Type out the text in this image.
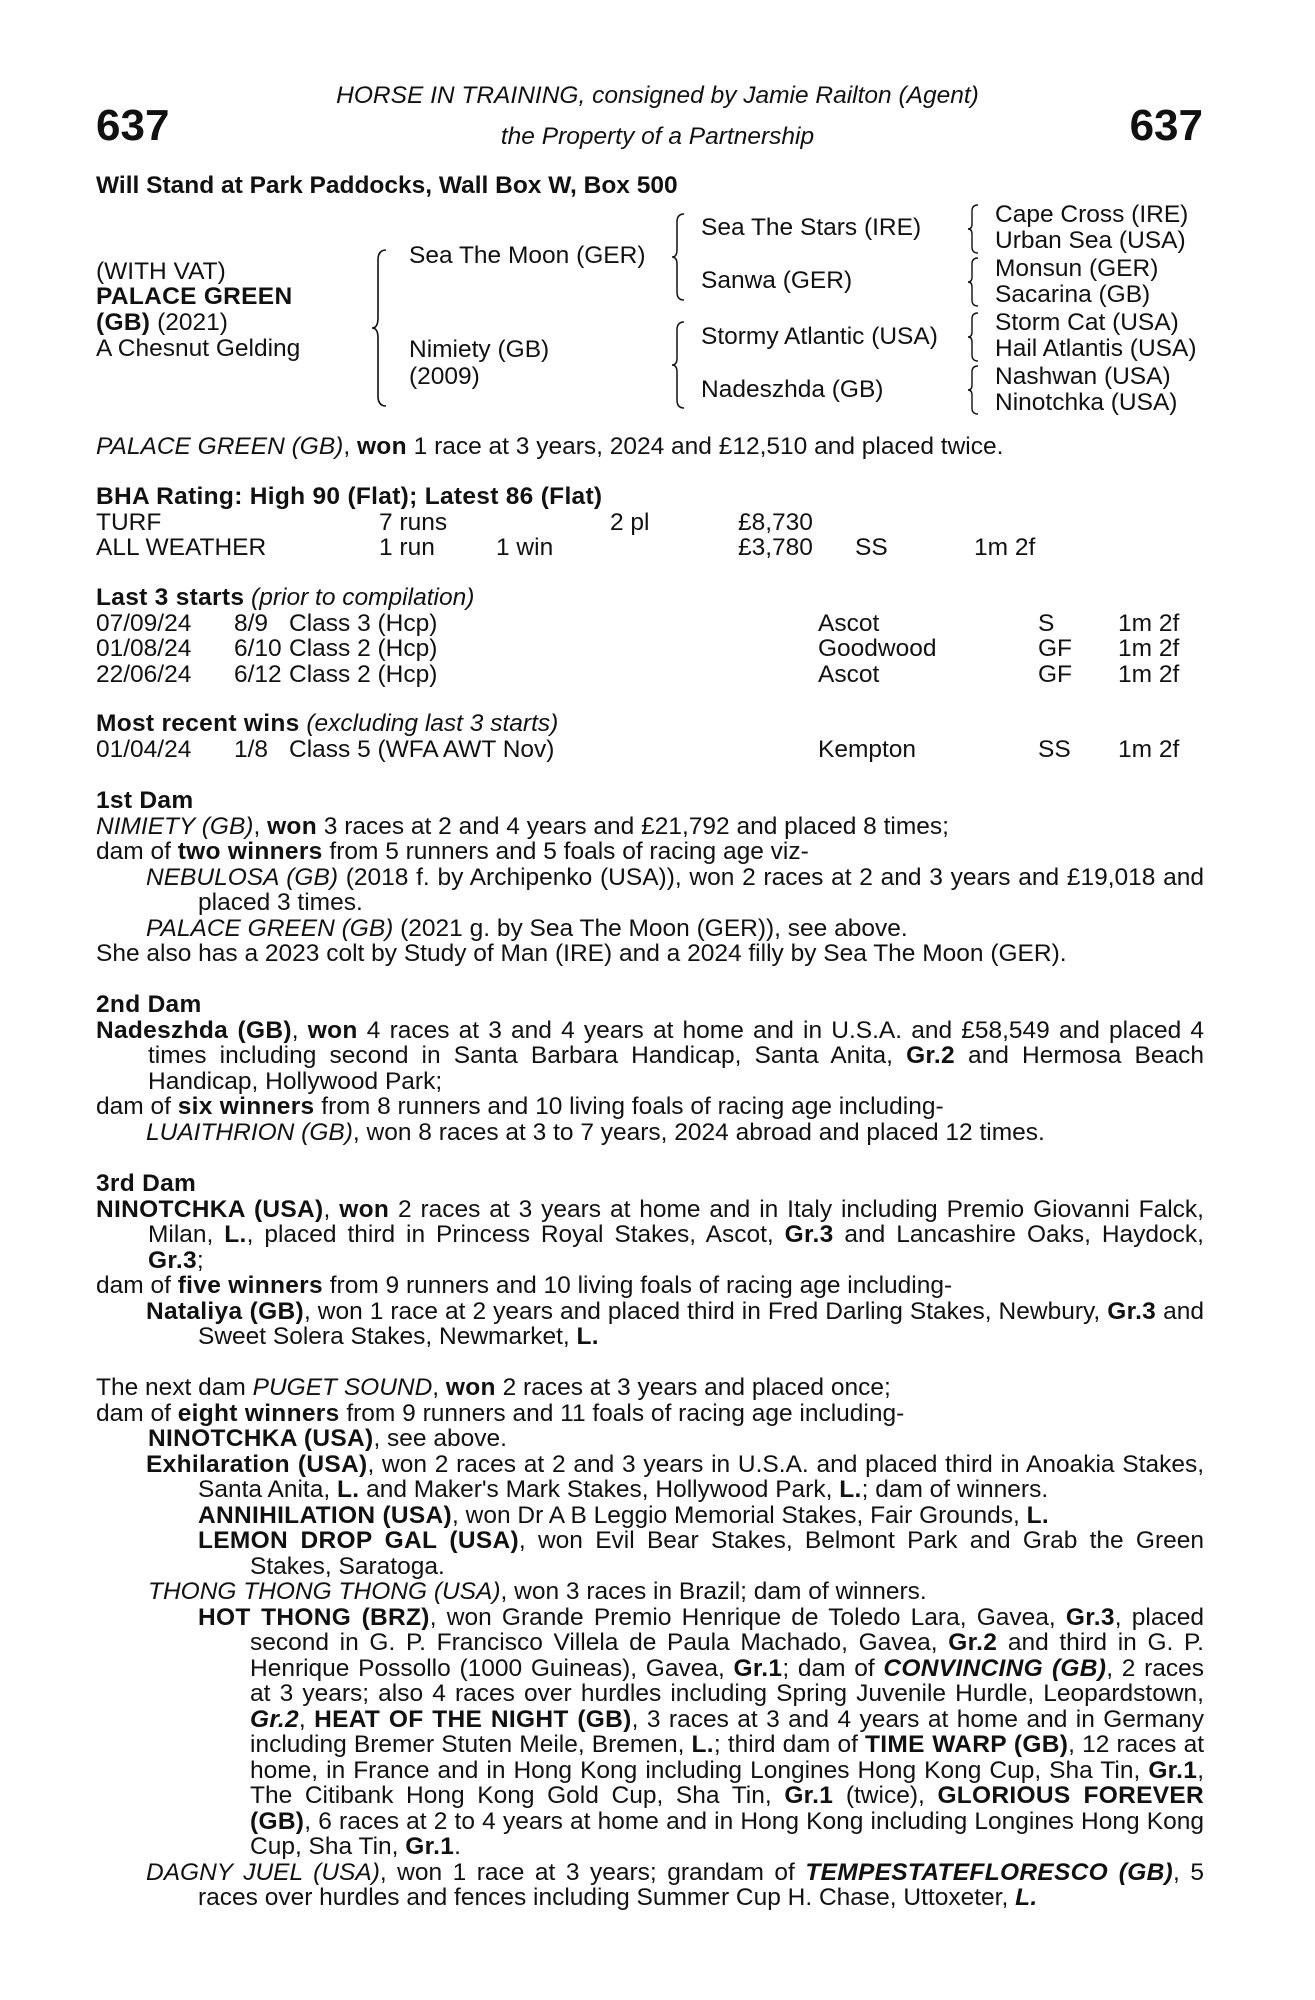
637	637
HORSE IN TRAINING, consigned by Jamie Railton (Agent)
the Property of a Partnership
Will Stand at Park Paddocks, Wall Box W, Box 500
(WITH VAT)
PALACE GREEN
(GB) (2021)
A Chesnut Gelding
Sea The Moon (GER)
Nimiety (GB)
(2009)
Sea The Stars (IRE)
Sanwa (GER)
Stormy Atlantic (USA)
Nadeszhda (GB)
Cape Cross (IRE)
Urban Sea (USA)
Monsun (GER)
Sacarina (GB)
Storm Cat (USA)
Hail Atlantis (USA)
Nashwan (USA)
Ninotchka (USA)
PALACE GREEN (GB), won 1 race at 3 years, 2024 and £12,510 and placed twice.
BHA Rating: High 90 (Flat); Latest 86 (Flat)
TURF	7 runs	2 pl	£8,730
ALL WEATHER	1 run 1 win	£3,780 SS	1m 2f
Last 3 starts (prior to compilation)
07/09/24 8/9 Class 3 (Hcp)	Ascot	S	1m 2f
01/08/24 6/10 Class 2 (Hcp)	Goodwood	GF 1m 2f
22/06/24 6/12 Class 2 (Hcp)	Ascot	GF 1m 2f
Most recent wins (excluding last 3 starts)
01/04/24 1/8 Class 5 (WFA AWT Nov)	Kempton	SS 1m 2f

1st Dam

NIMIETY (GB), won 3 races at 2 and 4 years and £21,792 and placed 8 times;

dam of two winners from 5 runners and 5 foals of racing age viz-

NEBULOSA (GB) (2018 f. by Archipenko (USA)), won 2 races at 2 and 3 years and £19,018 and placed 3 times.

PALACE GREEN (GB) (2021 g. by Sea The Moon (GER)), see above.

She also has a 2023 colt by Study of Man (IRE) and a 2024 filly by Sea The Moon (GER).

2nd Dam

Nadeszhda (GB), won 4 races at 3 and 4 years at home and in U.S.A. and £58,549 and placed 4 times including second in Santa Barbara Handicap, Santa Anita, Gr.2 and Hermosa Beach Handicap, Hollywood Park;

dam of six winners from 8 runners and 10 living foals of racing age including-

LUAITHRION (GB), won 8 races at 3 to 7 years, 2024 abroad and placed 12 times.

3rd Dam

NINOTCHKA (USA), won 2 races at 3 years at home and in Italy including Premio Giovanni Falck, Milan, L., placed third in Princess Royal Stakes, Ascot, Gr.3 and Lancashire Oaks, Haydock, Gr.3;

dam of five winners from 9 runners and 10 living foals of racing age including-

Nataliya (GB), won 1 race at 2 years and placed third in Fred Darling Stakes, Newbury, Gr.3 and Sweet Solera Stakes, Newmarket, L.

The next dam PUGET SOUND, won 2 races at 3 years and placed once;

dam of eight winners from 9 runners and 11 foals of racing age including-

NINOTCHKA (USA), see above.

Exhilaration (USA), won 2 races at 2 and 3 years in U.S.A. and placed third in Anoakia Stakes, Santa Anita, L. and Maker's Mark Stakes, Hollywood Park, L.; dam of winners.

ANNIHILATION (USA), won Dr A B Leggio Memorial Stakes, Fair Grounds, L.

LEMON DROP GAL (USA), won Evil Bear Stakes, Belmont Park and Grab the Green Stakes, Saratoga.

THONG THONG THONG (USA), won 3 races in Brazil; dam of winners.

HOT THONG (BRZ), won Grande Premio Henrique de Toledo Lara, Gavea, Gr.3, placed second in G. P. Francisco Villela de Paula Machado, Gavea, Gr.2 and third in G. P. Henrique Possollo (1000 Guineas), Gavea, Gr.1; dam of CONVINCING (GB), 2 races at 3 years; also 4 races over hurdles including Spring Juvenile Hurdle, Leopardstown, Gr.2, HEAT OF THE NIGHT (GB), 3 races at 3 and 4 years at home and in Germany including Bremer Stuten Meile, Bremen, L.; third dam of TIME WARP (GB), 12 races at home, in France and in Hong Kong including Longines Hong Kong Cup, Sha Tin, Gr.1, The Citibank Hong Kong Gold Cup, Sha Tin, Gr.1 (twice), GLORIOUS FOREVER (GB), 6 races at 2 to 4 years at home and in Hong Kong including Longines Hong Kong Cup, Sha Tin, Gr.1.

DAGNY JUEL (USA), won 1 race at 3 years; grandam of TEMPESTATEFLORESCO (GB), 5 races over hurdles and fences including Summer Cup H. Chase, Uttoxeter, L.
